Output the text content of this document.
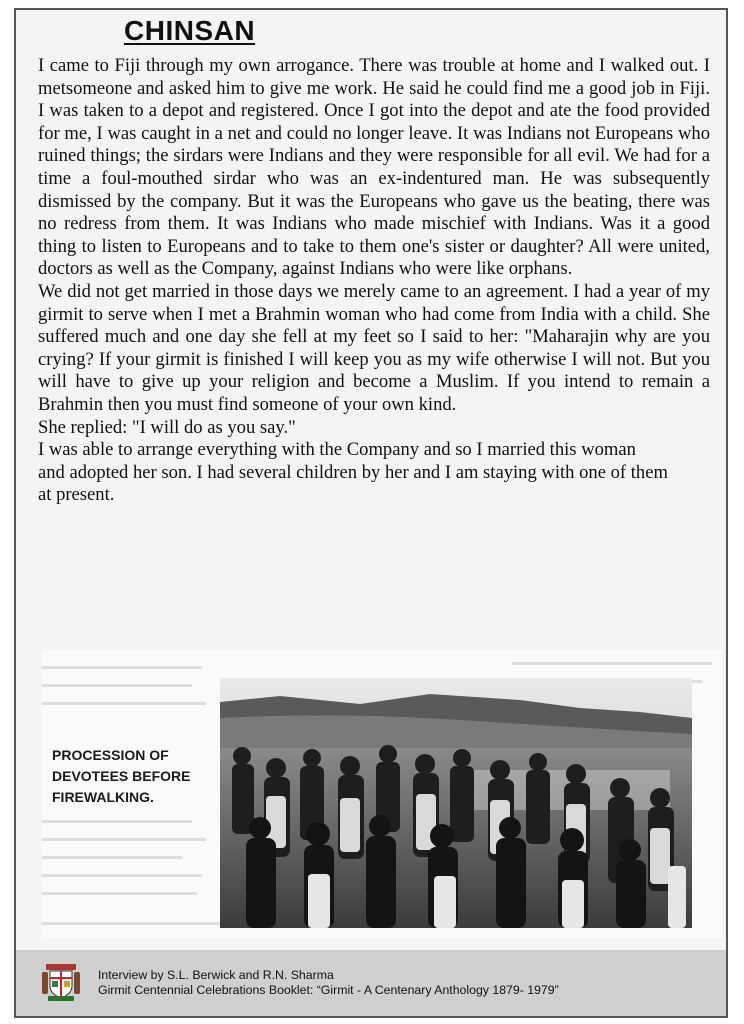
CHINSAN

I came to Fiji through my own arrogance. There was trouble at home and I walked out. I metsomeone and asked him to give me work. He said he could find me a good job in Fiji. I was taken to a depot and registered. Once I got into the depot and ate the food provided for me, I was caught in a net and could no longer leave. It was Indians not Europeans who ruined things; the sirdars were Indians and they were responsible for all evil. We had for a time a foul-mouthed sirdar who was an ex-indentured man. He was subsequently dismissed by the company. But it was the Europeans who gave us the beating, there was no redress from them. It was Indians who made mischief with Indians. Was it a good thing to listen to Europeans and to take to them one's sister or daughter? All were united, doctors as well as the Company, against Indians who were like orphans.

We did not get married in those days we merely came to an agreement. I had a year of my girmit to serve when I met a Brahmin woman who had come from India with a child. She suffered much and one day she fell at my feet so I said to her: "Maharajin why are you crying? If your girmit is finished I will keep you as my wife otherwise I will not. But you will have to give up your religion and become a Muslim. If you intend to remain a Brahmin then you must find someone of your own kind.

She replied: "I will do as you say."

I was able to arrange everything with the Company and so I married this woman

and adopted her son. I had several children by her and I am staying with one of them

at present.

PROCESSION OF
DEVOTEES BEFORE
FIREWALKING.
Interview by S.L. Berwick and R.N. Sharma
Girmit Centennial Celebrations Booklet: “Girmit - A Centenary Anthology 1879- 1979”
